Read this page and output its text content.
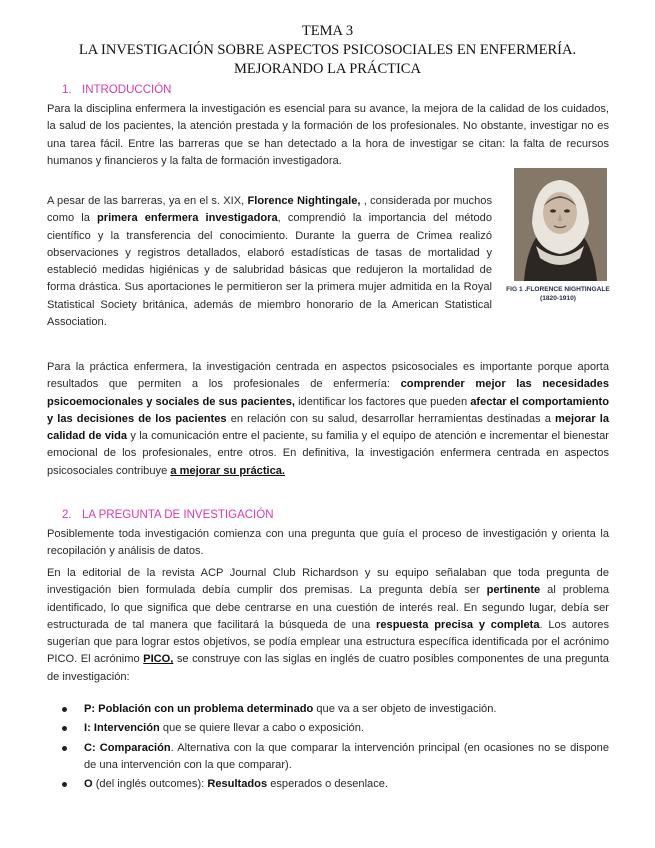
TEMA 3
LA INVESTIGACIÓN SOBRE ASPECTOS PSICOSOCIALES EN ENFERMERÍA.
MEJORANDO LA PRÁCTICA
1. INTRODUCCIÓN
Para la disciplina enfermera la investigación es esencial para su avance, la mejora de la calidad de los cuidados, la salud de los pacientes, la atención prestada y la formación de los profesionales. No obstante, investigar no es una tarea fácil. Entre las barreras que se han detectado a la hora de investigar se citan: la falta de recursos humanos y financieros y la falta de formación investigadora.
A pesar de las barreras, ya en el s. XIX, Florence Nightingale, , considerada por muchos como la primera enfermera investigadora, comprendió la importancia del método científico y la transferencia del conocimiento. Durante la guerra de Crimea realizó observaciones y registros detallados, elaboró estadísticas de tasas de mortalidad y estableció medidas higiénicas y de salubridad básicas que redujeron la mortalidad de forma drástica. Sus aportaciones le permitieron ser la primera mujer admitida en la Royal Statistical Society británica, además de miembro honorario de la American Statistical Association.
FIG 1 .FLORENCE NIGHTINGALE
(1820-1910)
Para la práctica enfermera, la investigación centrada en aspectos psicosociales es importante porque aporta resultados que permiten a los profesionales de enfermería: comprender mejor las necesidades psicoemocionales y sociales de sus pacientes, identificar los factores que pueden afectar el comportamiento y las decisiones de los pacientes en relación con su salud, desarrollar herramientas destinadas a mejorar la calidad de vida y la comunicación entre el paciente, su familia y el equipo de atención e incrementar el bienestar emocional de los profesionales, entre otros. En definitiva, la investigación enfermera centrada en aspectos psicosociales contribuye a mejorar su práctica.
2. LA PREGUNTA DE INVESTIGACIÓN
Posiblemente toda investigación comienza con una pregunta que guía el proceso de investigación y orienta la recopilación y análisis de datos.
En la editorial de la revista ACP Journal Club Richardson y su equipo señalaban que toda pregunta de investigación bien formulada debía cumplir dos premisas. La pregunta debía ser pertinente al problema identificado, lo que significa que debe centrarse en una cuestión de interés real. En segundo lugar, debía ser estructurada de tal manera que facilitará la búsqueda de una respuesta precisa y completa. Los autores sugerían que para lograr estos objetivos, se podía emplear una estructura específica identificada por el acrónimo PICO. El acrónimo PICO, se construye con las siglas en inglés de cuatro posibles componentes de una pregunta de investigación:
P: Población con un problema determinado que va a ser objeto de investigación.
I: Intervención que se quiere llevar a cabo o exposición.
C: Comparación. Alternativa con la que comparar la intervención principal (en ocasiones no se dispone de una intervención con la que comparar).
O (del inglés outcomes): Resultados esperados o desenlace.
